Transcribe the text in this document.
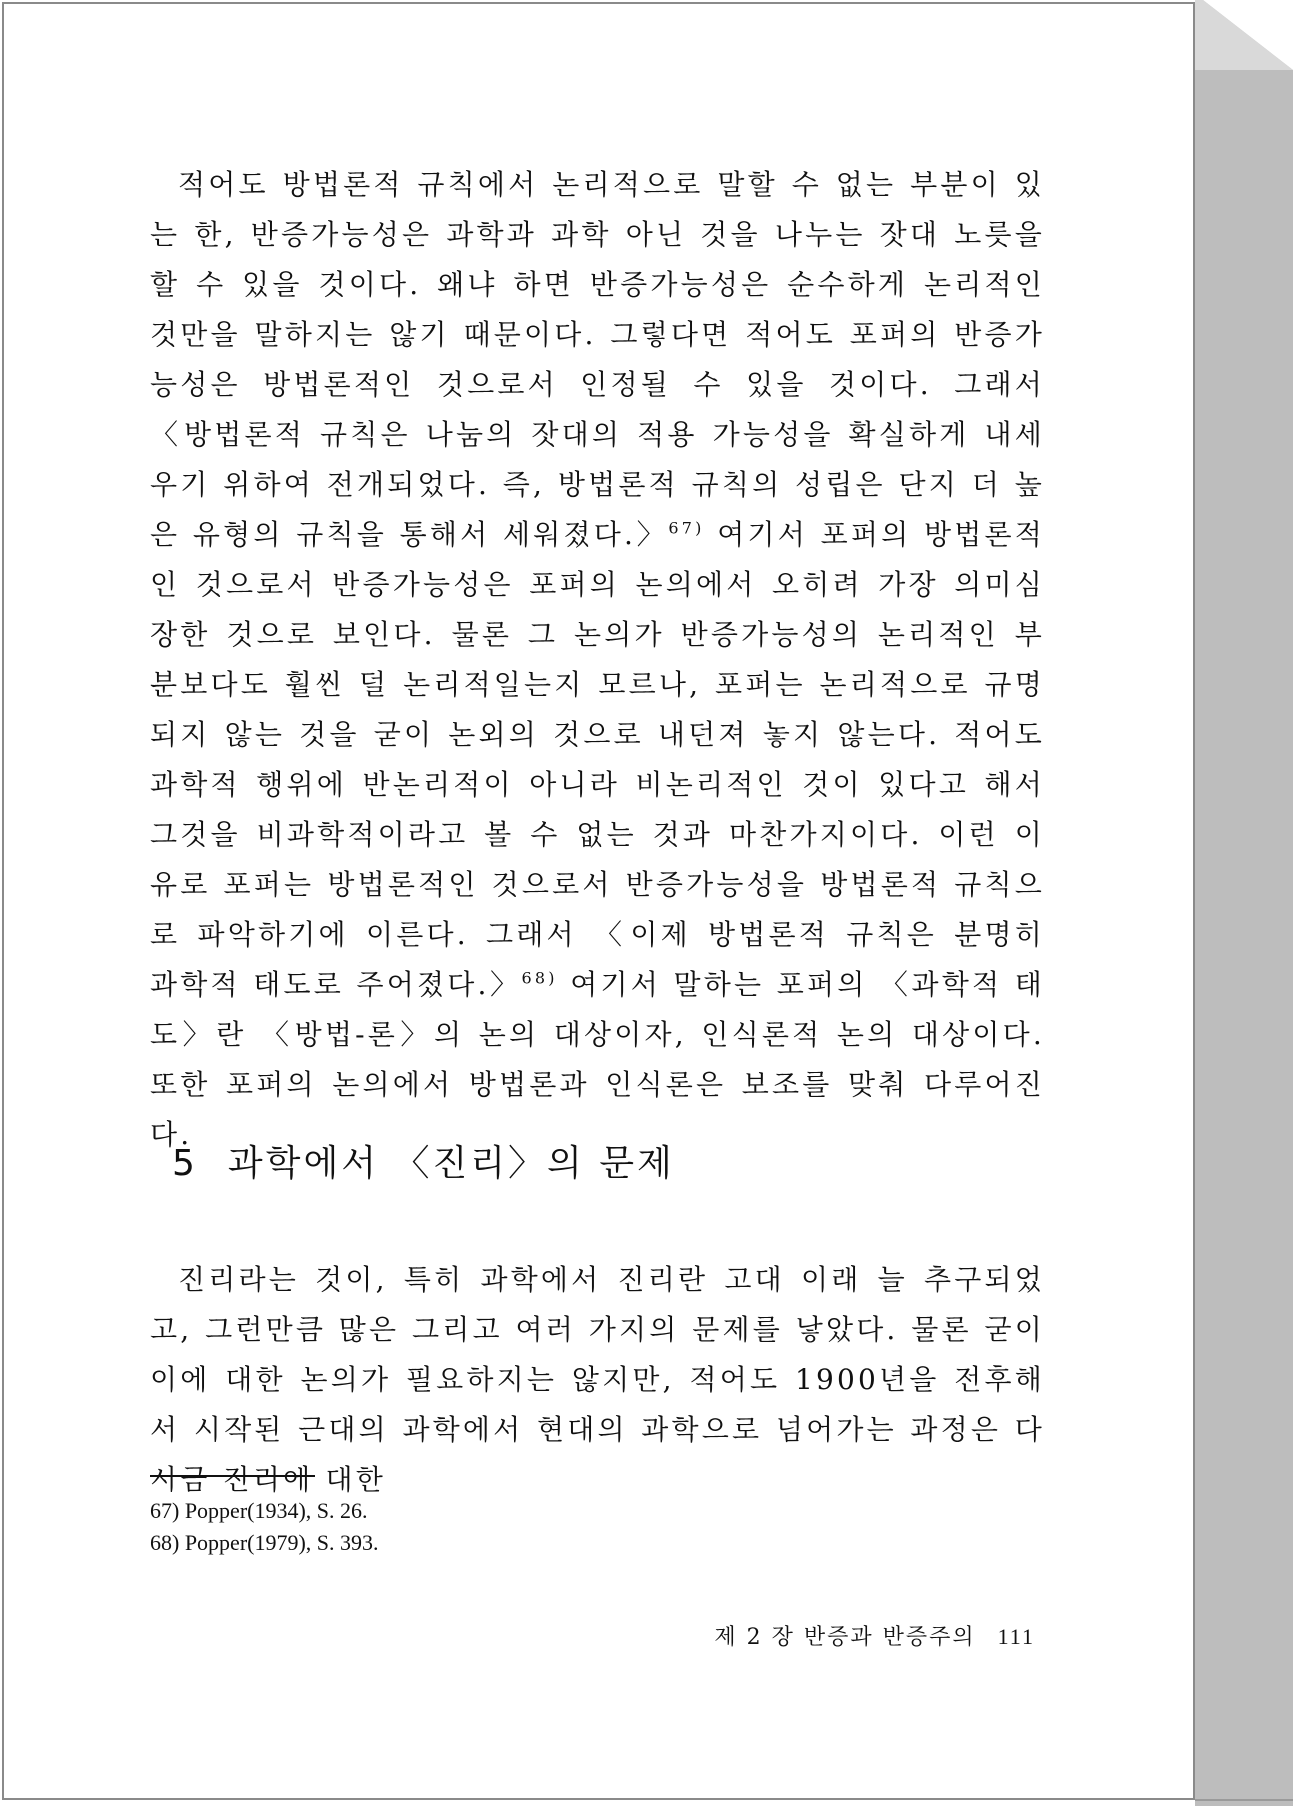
적어도 방법론적 규칙에서 논리적으로 말할 수 없는 부분이 있는 한, 반증가능성은 과학과 과학 아닌 것을 나누는 잣대 노릇을 할 수 있을 것이다. 왜냐 하면 반증가능성은 순수하게 논리적인 것만을 말하지는 않기 때문이다. 그렇다면 적어도 포퍼의 반증가능성은 방법론적인 것으로서 인정될 수 있을 것이다. 그래서 〈방법론적 규칙은 나눔의 잣대의 적용 가능성을 확실하게 내세우기 위하여 전개되었다. 즉, 방법론적 규칙의 성립은 단지 더 높은 유형의 규칙을 통해서 세워졌다.〉$^{67)}$ 여기서 포퍼의 방법론적인 것으로서 반증가능성은 포퍼의 논의에서 오히려 가장 의미심장한 것으로 보인다. 물론 그 논의가 반증가능성의 논리적인 부분보다도 훨씬 덜 논리적일는지 모르나, 포퍼는 논리적으로 규명되지 않는 것을 굳이 논외의 것으로 내던져 놓지 않는다. 적어도 과학적 행위에 반논리적이 아니라 비논리적인 것이 있다고 해서 그것을 비과학적이라고 볼 수 없는 것과 마찬가지이다. 이런 이유로 포퍼는 방법론적인 것으로서 반증가능성을 방법론적 규칙으로 파악하기에 이른다. 그래서 〈이제 방법론적 규칙은 분명히 과학적 태도로 주어졌다.〉$^{68)}$ 여기서 말하는 포퍼의 〈과학적 태도〉란 〈방법-론〉의 논의 대상이자, 인식론적 논의 대상이다. 또한 포퍼의 논의에서 방법론과 인식론은 보조를 맞춰 다루어진다.

5 과학에서 〈진리〉의 문제

진리라는 것이, 특히 과학에서 진리란 고대 이래 늘 추구되었고, 그런만큼 많은 그리고 여러 가지의 문제를 낳았다. 물론 굳이 이에 대한 논의가 필요하지는 않지만, 적어도 1900년을 전후해서 시작된 근대의 과학에서 현대의 과학으로 넘어가는 과정은 다시금 진리에 대한

67) Popper(1934), S. 26.
68) Popper(1979), S. 393.
제 2 장 반증과 반증주의 111
